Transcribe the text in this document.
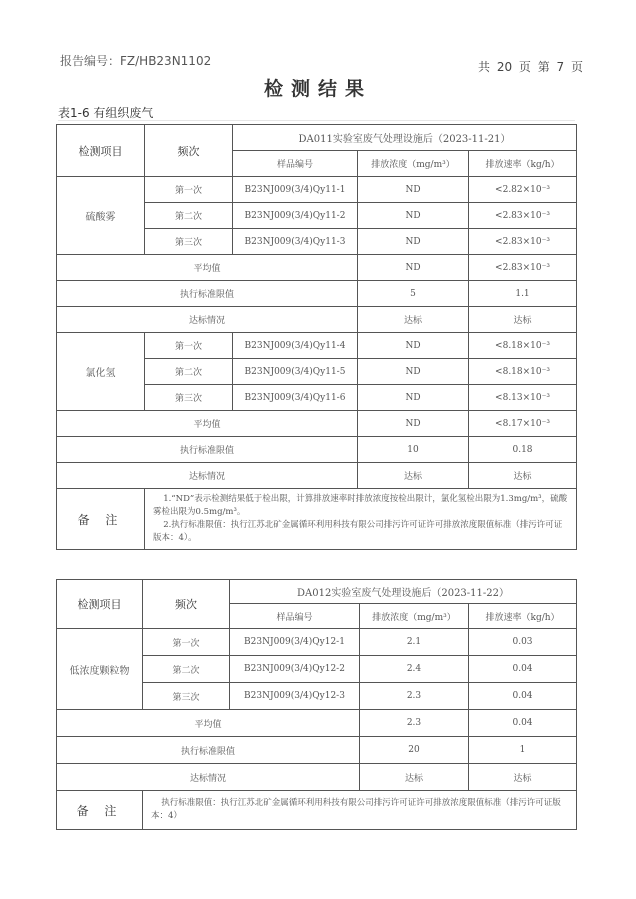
报告编号：FZ/HB23N1102	共 20 页 第 7 页
检测结果
表1-6 有组织废气
检测项目	频次	DA011实验室废气处理设施后（2023-11-21）		
		样品编号	排放浓度（mg/m³）	排放速率（kg/h）
硫酸雾	第一次	B23NJ009(3/4)Qy11-1	ND	<2.82×10⁻³
	第二次	B23NJ009(3/4)Qy11-2	ND	<2.83×10⁻³
	第三次	B23NJ009(3/4)Qy11-3	ND	<2.83×10⁻³
平均值			ND	<2.83×10⁻³
执行标准限值			5	1.1
达标情况			达标	达标
氯化氢	第一次	B23NJ009(3/4)Qy11-4	ND	<8.18×10⁻³
	第二次	B23NJ009(3/4)Qy11-5	ND	<8.18×10⁻³
	第三次	B23NJ009(3/4)Qy11-6	ND	<8.13×10⁻³
平均值			ND	<8.17×10⁻³
执行标准限值			10	0.18
达标情况			达标	达标
备 注	1.“ND”表示检测结果低于检出限，计算排放速率时排放浓度按检出限计，氯化氢检出限为1.3mg/m³，硫酸雾检出限为0.5mg/m³。

2.执行标准限值：执行江苏北矿金属循环利用科技有限公司排污许可证许可排放浓度限值标准（排污许可证版本：4）。			

检测项目	频次	DA012实验室废气处理设施后（2023-11-22）		
		样品编号	排放浓度（mg/m³）	排放速率（kg/h）
低浓度颗粒物	第一次	B23NJ009(3/4)Qy12-1	2.1	0.03
	第二次	B23NJ009(3/4)Qy12-2	2.4	0.04
	第三次	B23NJ009(3/4)Qy12-3	2.3	0.04
平均值			2.3	0.04
执行标准限值			20	1
达标情况			达标	达标
备 注	执行标准限值：执行江苏北矿金属循环利用科技有限公司排污许可证许可排放浓度限值标准（排污许可证版本：4）			
